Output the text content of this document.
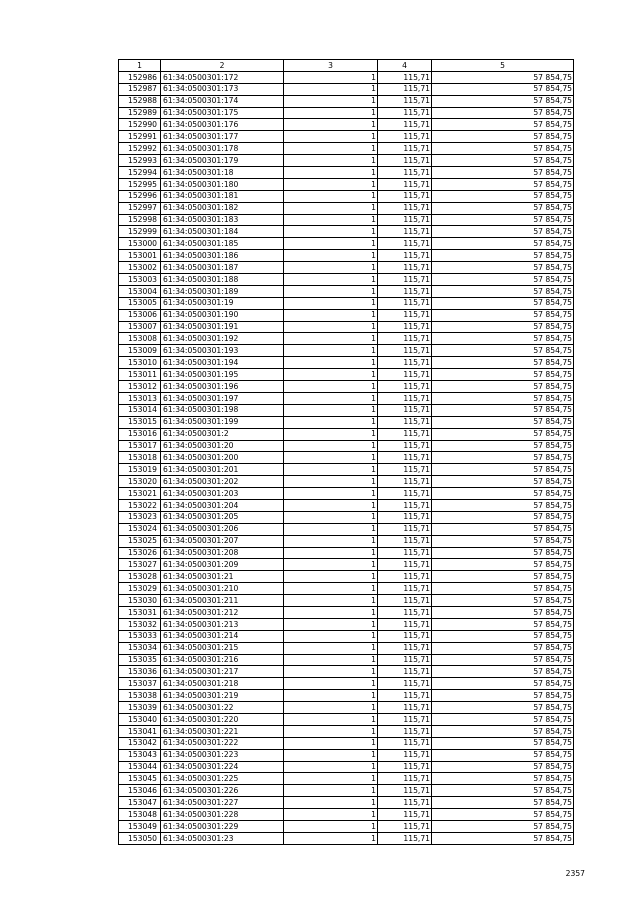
1	2	3	4	5
152986	61:34:0500301:172	1	115,71	57 854,75
152987	61:34:0500301:173	1	115,71	57 854,75
152988	61:34:0500301:174	1	115,71	57 854,75
152989	61:34:0500301:175	1	115,71	57 854,75
152990	61:34:0500301:176	1	115,71	57 854,75
152991	61:34:0500301:177	1	115,71	57 854,75
152992	61:34:0500301:178	1	115,71	57 854,75
152993	61:34:0500301:179	1	115,71	57 854,75
152994	61:34:0500301:18	1	115,71	57 854,75
152995	61:34:0500301:180	1	115,71	57 854,75
152996	61:34:0500301:181	1	115,71	57 854,75
152997	61:34:0500301:182	1	115,71	57 854,75
152998	61:34:0500301:183	1	115,71	57 854,75
152999	61:34:0500301:184	1	115,71	57 854,75
153000	61:34:0500301:185	1	115,71	57 854,75
153001	61:34:0500301:186	1	115,71	57 854,75
153002	61:34:0500301:187	1	115,71	57 854,75
153003	61:34:0500301:188	1	115,71	57 854,75
153004	61:34:0500301:189	1	115,71	57 854,75
153005	61:34:0500301:19	1	115,71	57 854,75
153006	61:34:0500301:190	1	115,71	57 854,75
153007	61:34:0500301:191	1	115,71	57 854,75
153008	61:34:0500301:192	1	115,71	57 854,75
153009	61:34:0500301:193	1	115,71	57 854,75
153010	61:34:0500301:194	1	115,71	57 854,75
153011	61:34:0500301:195	1	115,71	57 854,75
153012	61:34:0500301:196	1	115,71	57 854,75
153013	61:34:0500301:197	1	115,71	57 854,75
153014	61:34:0500301:198	1	115,71	57 854,75
153015	61:34:0500301:199	1	115,71	57 854,75
153016	61:34:0500301:2	1	115,71	57 854,75
153017	61:34:0500301:20	1	115,71	57 854,75
153018	61:34:0500301:200	1	115,71	57 854,75
153019	61:34:0500301:201	1	115,71	57 854,75
153020	61:34:0500301:202	1	115,71	57 854,75
153021	61:34:0500301:203	1	115,71	57 854,75
153022	61:34:0500301:204	1	115,71	57 854,75
153023	61:34:0500301:205	1	115,71	57 854,75
153024	61:34:0500301:206	1	115,71	57 854,75
153025	61:34:0500301:207	1	115,71	57 854,75
153026	61:34:0500301:208	1	115,71	57 854,75
153027	61:34:0500301:209	1	115,71	57 854,75
153028	61:34:0500301:21	1	115,71	57 854,75
153029	61:34:0500301:210	1	115,71	57 854,75
153030	61:34:0500301:211	1	115,71	57 854,75
153031	61:34:0500301:212	1	115,71	57 854,75
153032	61:34:0500301:213	1	115,71	57 854,75
153033	61:34:0500301:214	1	115,71	57 854,75
153034	61:34:0500301:215	1	115,71	57 854,75
153035	61:34:0500301:216	1	115,71	57 854,75
153036	61:34:0500301:217	1	115,71	57 854,75
153037	61:34:0500301:218	1	115,71	57 854,75
153038	61:34:0500301:219	1	115,71	57 854,75
153039	61:34:0500301:22	1	115,71	57 854,75
153040	61:34:0500301:220	1	115,71	57 854,75
153041	61:34:0500301:221	1	115,71	57 854,75
153042	61:34:0500301:222	1	115,71	57 854,75
153043	61:34:0500301:223	1	115,71	57 854,75
153044	61:34:0500301:224	1	115,71	57 854,75
153045	61:34:0500301:225	1	115,71	57 854,75
153046	61:34:0500301:226	1	115,71	57 854,75
153047	61:34:0500301:227	1	115,71	57 854,75
153048	61:34:0500301:228	1	115,71	57 854,75
153049	61:34:0500301:229	1	115,71	57 854,75
153050	61:34:0500301:23	1	115,71	57 854,75
2357
